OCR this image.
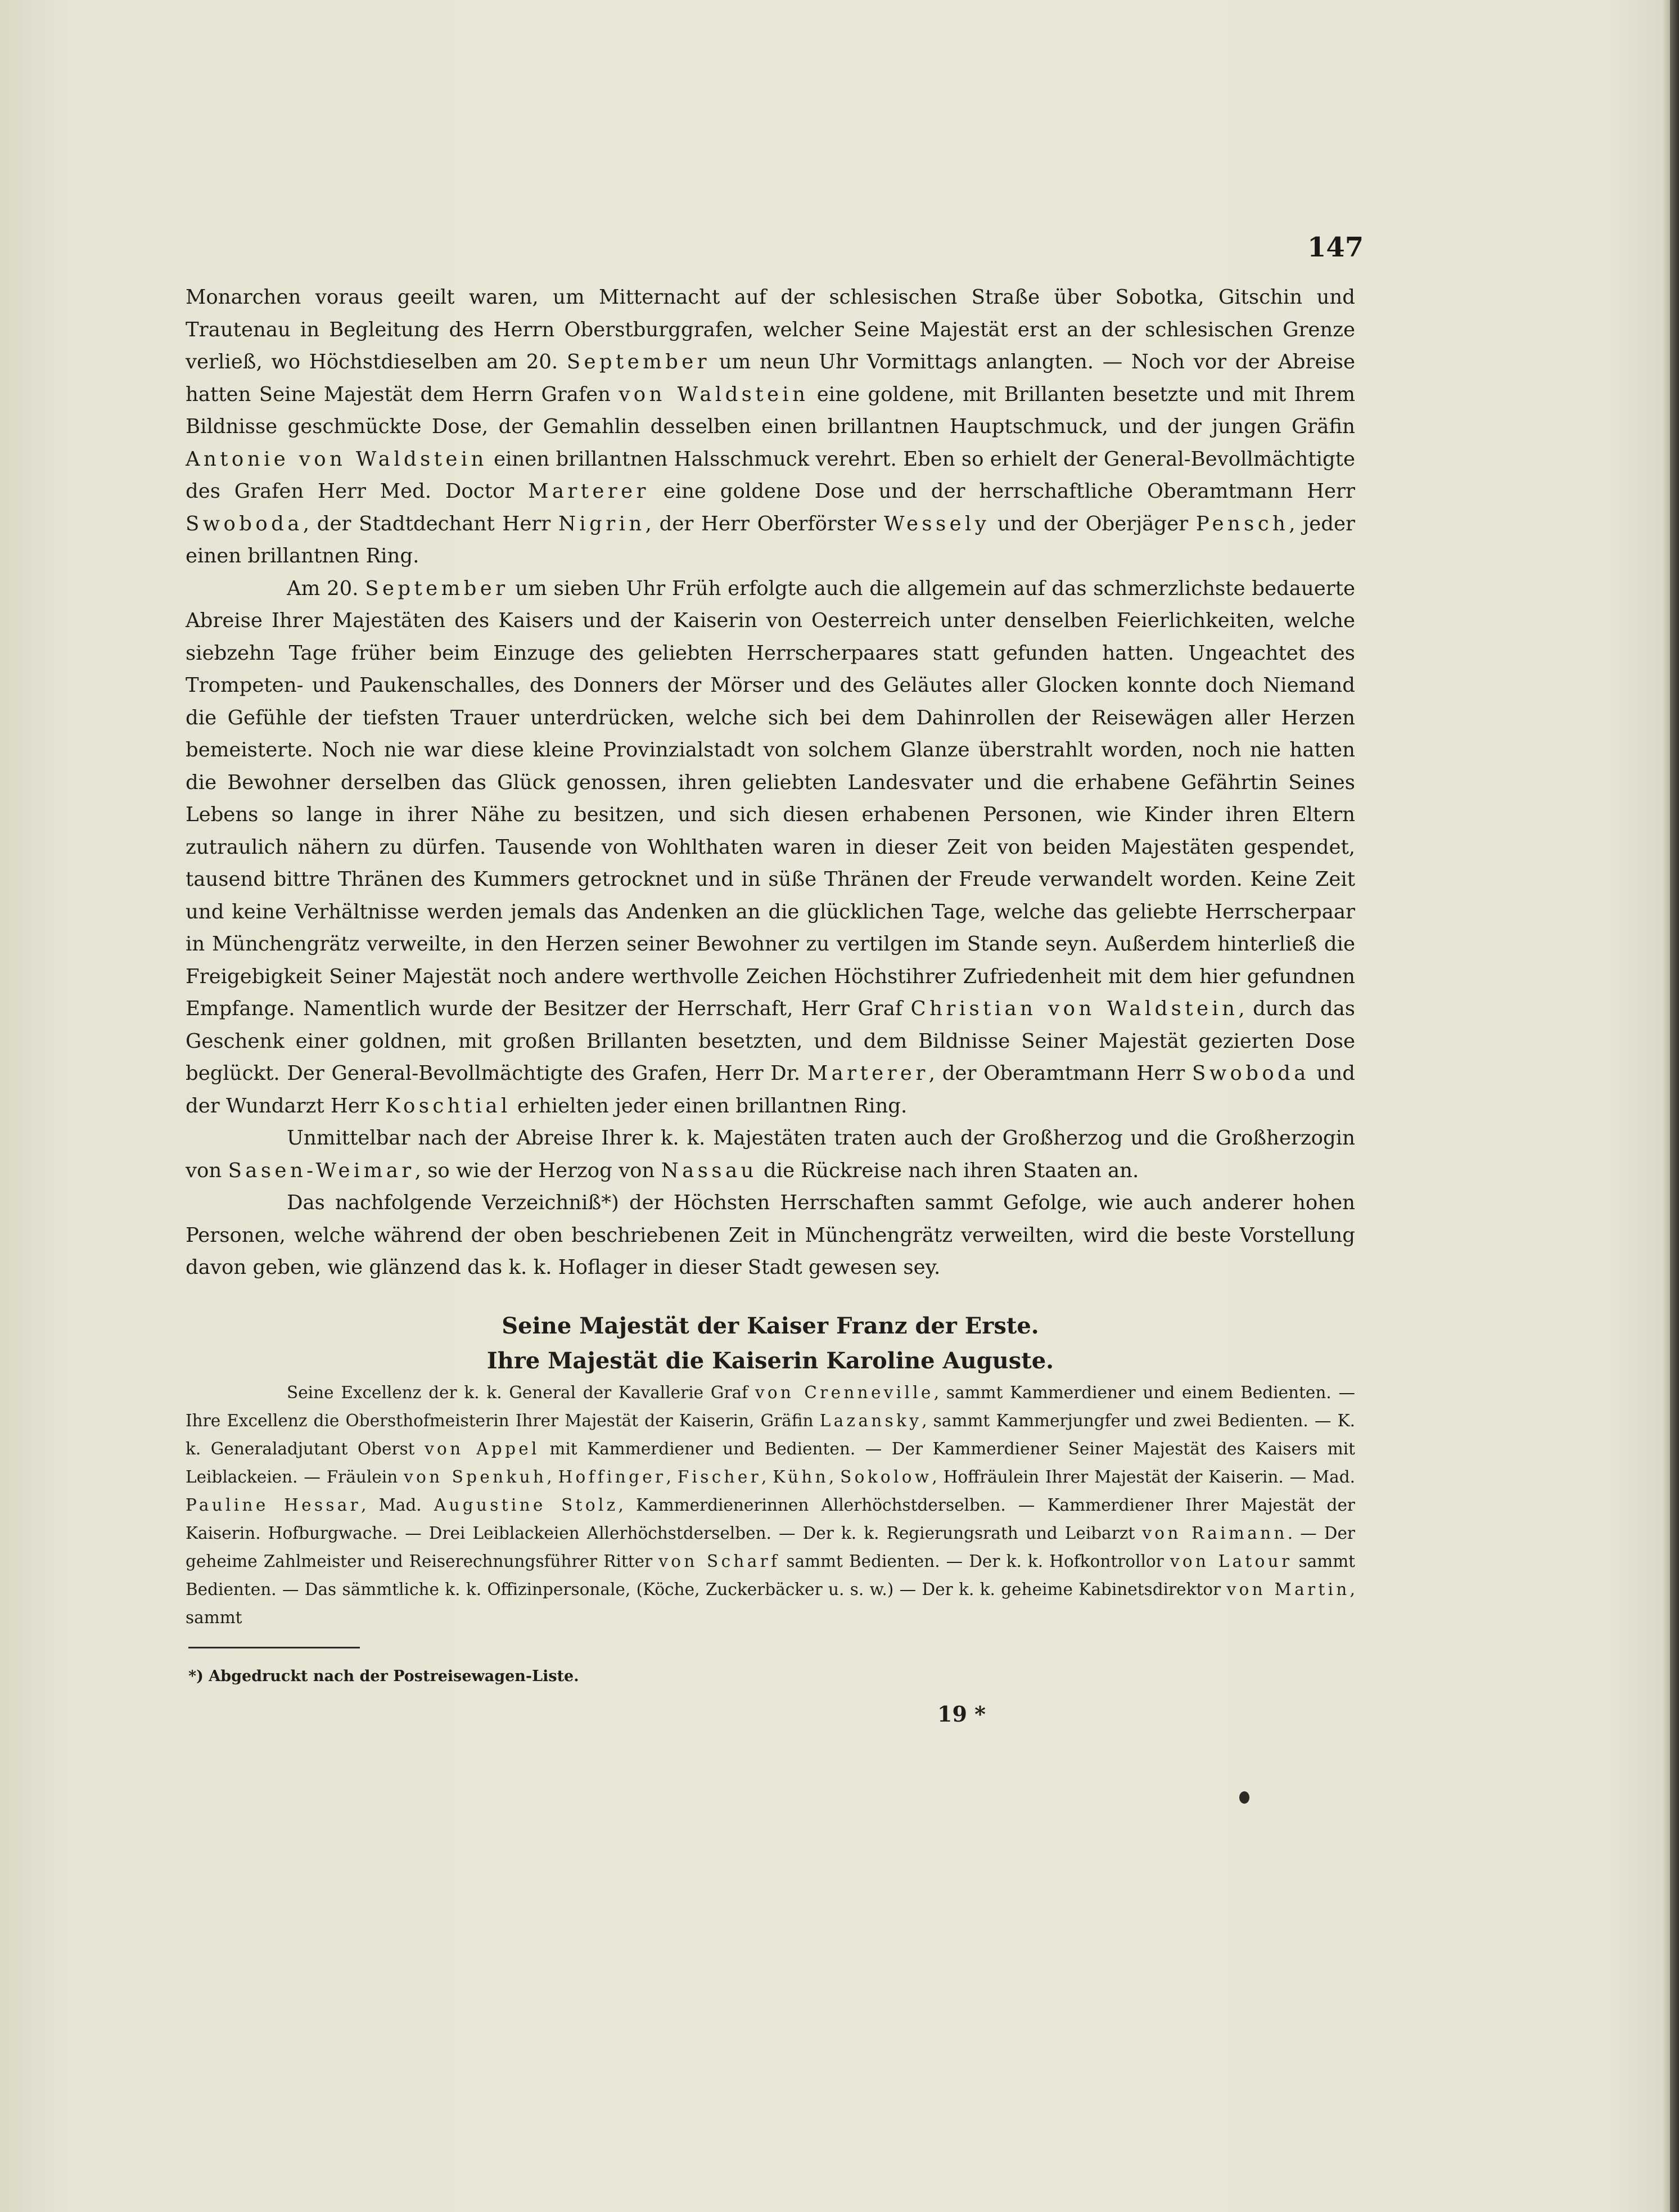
147

Monarchen voraus geeilt waren, um Mitternacht auf der schlesischen Straße über Sobotka, Gitschin und Trautenau in Begleitung des Herrn Oberstburggrafen, welcher Seine Majestät erst an der schlesischen Grenze verließ, wo Höchstdieselben am 20. September um neun Uhr Vormittags anlangten. — Noch vor der Abreise hatten Seine Majestät dem Herrn Grafen von Waldstein eine goldene, mit Brillanten besetzte und mit Ihrem Bildnisse geschmückte Dose, der Gemahlin desselben einen brillantnen Hauptschmuck, und der jungen Gräfin Antonie von Waldstein einen brillantnen Halsschmuck verehrt. Eben so erhielt der General-Bevollmächtigte des Grafen Herr Med. Doctor Marterer eine goldene Dose und der herrschaftliche Oberamtmann Herr Swoboda, der Stadtdechant Herr Nigrin, der Herr Oberförster Wessely und der Oberjäger Pensch, jeder einen brillantnen Ring.

Am 20. September um sieben Uhr Früh erfolgte auch die allgemein auf das schmerzlichste bedauerte Abreise Ihrer Majestäten des Kaisers und der Kaiserin von Oesterreich unter denselben Feierlichkeiten, welche siebzehn Tage früher beim Einzuge des geliebten Herrscherpaares statt gefunden hatten. Ungeachtet des Trompeten- und Paukenschalles, des Donners der Mörser und des Geläutes aller Glocken konnte doch Niemand die Gefühle der tiefsten Trauer unterdrücken, welche sich bei dem Dahinrollen der Reisewägen aller Herzen bemeisterte. Noch nie war diese kleine Provinzialstadt von solchem Glanze überstrahlt worden, noch nie hatten die Bewohner derselben das Glück genossen, ihren geliebten Landesvater und die erhabene Gefährtin Seines Lebens so lange in ihrer Nähe zu besitzen, und sich diesen erhabenen Personen, wie Kinder ihren Eltern zutraulich nähern zu dürfen. Tausende von Wohlthaten waren in dieser Zeit von beiden Majestäten gespendet, tausend bittre Thränen des Kummers getrocknet und in süße Thränen der Freude verwandelt worden. Keine Zeit und keine Verhältnisse werden jemals das Andenken an die glücklichen Tage, welche das geliebte Herrscherpaar in Münchengrätz verweilte, in den Herzen seiner Bewohner zu vertilgen im Stande seyn. Außerdem hinterließ die Freigebigkeit Seiner Majestät noch andere werthvolle Zeichen Höchstihrer Zufriedenheit mit dem hier gefundnen Empfange. Namentlich wurde der Besitzer der Herrschaft, Herr Graf Christian von Waldstein, durch das Geschenk einer goldnen, mit großen Brillanten besetzten, und dem Bildnisse Seiner Majestät gezierten Dose beglückt. Der General-Bevollmächtigte des Grafen, Herr Dr. Marterer, der Oberamtmann Herr Swoboda und der Wundarzt Herr Koschtial erhielten jeder einen brillantnen Ring.

Unmittelbar nach der Abreise Ihrer k. k. Majestäten traten auch der Großherzog und die Großherzogin von Sasen-Weimar, so wie der Herzog von Nassau die Rückreise nach ihren Staaten an.

Das nachfolgende Verzeichniß*) der Höchsten Herrschaften sammt Gefolge, wie auch anderer hohen Personen, welche während der oben beschriebenen Zeit in Münchengrätz verweilten, wird die beste Vorstellung davon geben, wie glänzend das k. k. Hoflager in dieser Stadt gewesen sey.

Seine Majestät der Kaiser Franz der Erste.

Ihre Majestät die Kaiserin Karoline Auguste.

Seine Excellenz der k. k. General der Kavallerie Graf von Crenneville, sammt Kammerdiener und einem Bedienten. — Ihre Excellenz die Obersthofmeisterin Ihrer Majestät der Kaiserin, Gräfin Lazansky, sammt Kammerjungfer und zwei Bedienten. — K. k. Generaladjutant Oberst von Appel mit Kammerdiener und Bedienten. — Der Kammerdiener Seiner Majestät des Kaisers mit Leiblackeien. — Fräulein von Spenkuh, Hoffinger, Fischer, Kühn, Sokolow, Hoffräulein Ihrer Majestät der Kaiserin. — Mad. Pauline Hessar, Mad. Augustine Stolz, Kammerdienerinnen Allerhöchstderselben. — Kammerdiener Ihrer Majestät der Kaiserin. Hofburgwache. — Drei Leiblackeien Allerhöchstderselben. — Der k. k. Regierungsrath und Leibarzt von Raimann. — Der geheime Zahlmeister und Reiserechnungsführer Ritter von Scharf sammt Bedienten. — Der k. k. Hofkontrollor von Latour sammt Bedienten. — Das sämmtliche k. k. Offizinpersonale, (Köche, Zuckerbäcker u. s. w.) — Der k. k. geheime Kabinetsdirektor von Martin, sammt

*) Abgedruckt nach der Postreisewagen-Liste.
19 *
